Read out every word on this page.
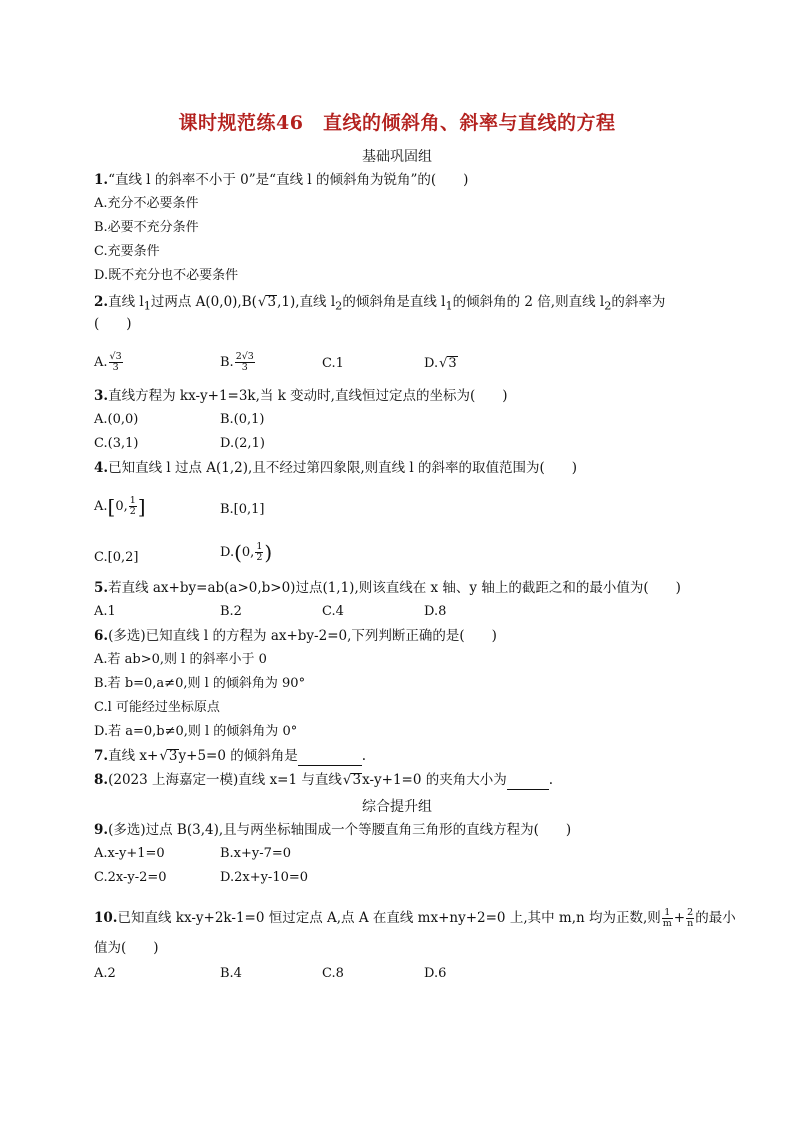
课时规范练46　直线的倾斜角、斜率与直线的方程
基础巩固组
1.“直线 l 的斜率不小于 0”是“直线 l 的倾斜角为锐角”的(　　)
A.充分不必要条件
B.必要不充分条件
C.充要条件
D.既不充分也不必要条件
2.直线 $l_1$过两点 A(0,0),B( √ 3,1),直线 $l_2$的倾斜角是直线 $l_1$的倾斜角的 2 倍,则直线 $l_2$的斜率为
(　　)
A. $\frac{√3}{3}$	B. $\frac{2√3}{3}$	C.1	D. √ 3
3.直线方程为 kx-y+1=3k,当 k 变动时,直线恒过定点的坐标为(　　)
A.(0,0)	B.(0,1)
C.(3,1)	D.(2,1)
4.已知直线 l 过点 A(1,2),且不经过第四象限,则直线 l 的斜率的取值范围为(　　)
A.[0, $\frac{1}{2}$ ]	B.[0,1]
C.[0,2]	D.(0, $\frac{1}{2}$ )
5.若直线 ax+by=ab(a>0,b>0)过点(1,1),则该直线在 x 轴、y 轴上的截距之和的最小值为(　　)
A.1	B.2	C.4	D.8
6.(多选)已知直线 l 的方程为 ax+by-2=0,下列判断正确的是(　　)
A.若 ab>0,则 l 的斜率小于 0
B.若 b=0,a≠0,则 l 的倾斜角为 90°
C.l 可能经过坐标原点
D.若 a=0,b≠0,则 l 的倾斜角为 0°
7.直线 x+ √ 3y+5=0 的倾斜角是	.
8.(2023 上海嘉定一模)直线 x=1 与直线 √ 3x-y+1=0 的夹角大小为	.
综合提升组
9.(多选)过点 B(3,4),且与两坐标轴围成一个等腰直角三角形的直线方程为(　　)
A.x-y+1=0	B.x+y-7=0
C.2x-y-2=0	D.2x+y-10=0
10.已知直线 kx-y+2k-1=0 恒过定点 A,点 A 在直线 mx+ny+2=0 上,其中 m,n 均为正数,则 $\frac{1}{m} + \frac{2}{n}$ 的最小
值为(　　)
A.2	B.4	C.8	D.6
